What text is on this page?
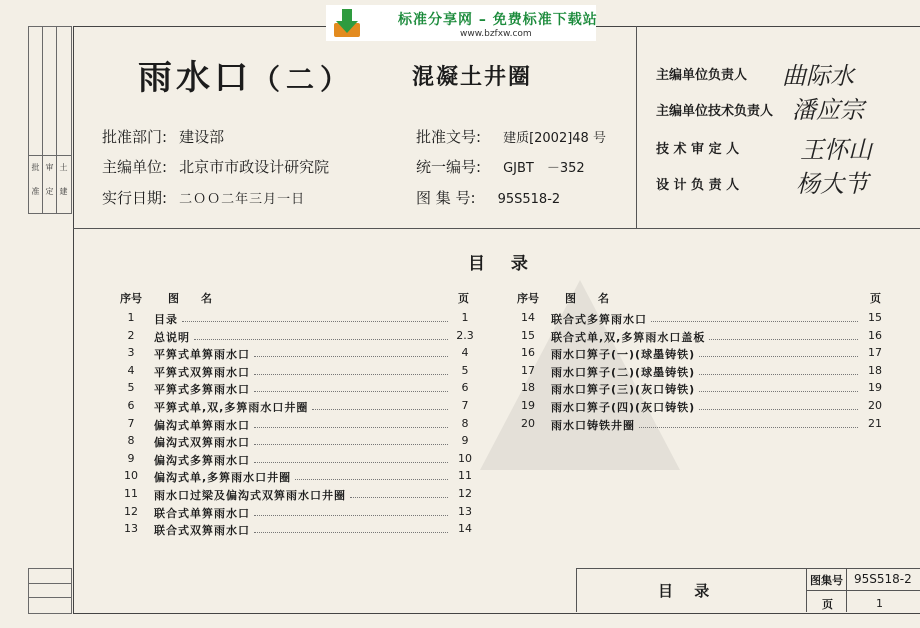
批
准
审
定
土
建
标准分享网 – 免费标准下载站
www.bzfxw.com
雨水口（二）	混凝土井圈
批准部门: 建设部
主编单位: 北京市市政设计研究院
实行日期: 二ＯＯ二年三月一日
批准文号: 建质[2002]48 号
统一编号: GJBT　－352
图 集 号: 95S518-2
主编单位负责人 曲际水
主编单位技术负责人 潘应宗
技 术 审 定 人	王怀山
设 计 负 责 人 杨大节
目 录
序号 图　　名	页	序号 图　　名	页
1	目录	1
2	总说明	2.3
3	平箅式单箅雨水口	4
4	平箅式双箅雨水口	5
5	平箅式多箅雨水口	6
6	平箅式单,双,多箅雨水口井圈	7
7	偏沟式单箅雨水口	8
8	偏沟式双箅雨水口	9
9	偏沟式多箅雨水口	10
10	偏沟式单,多箅雨水口井圈	11
11	雨水口过梁及偏沟式双箅雨水口井圈	12
12	联合式单箅雨水口	13
13	联合式双箅雨水口	14
14	联合式多箅雨水口	15
15	联合式单,双,多箅雨水口盖板	16
16	雨水口箅子(一)(球墨铸铁)	17
17	雨水口箅子(二)(球墨铸铁)	18
18	雨水口箅子(三)(灰口铸铁)	19
19	雨水口箅子(四)(灰口铸铁)	20
20	雨水口铸铁井圈	21
目 录
图集号 95S518-2
页	1
